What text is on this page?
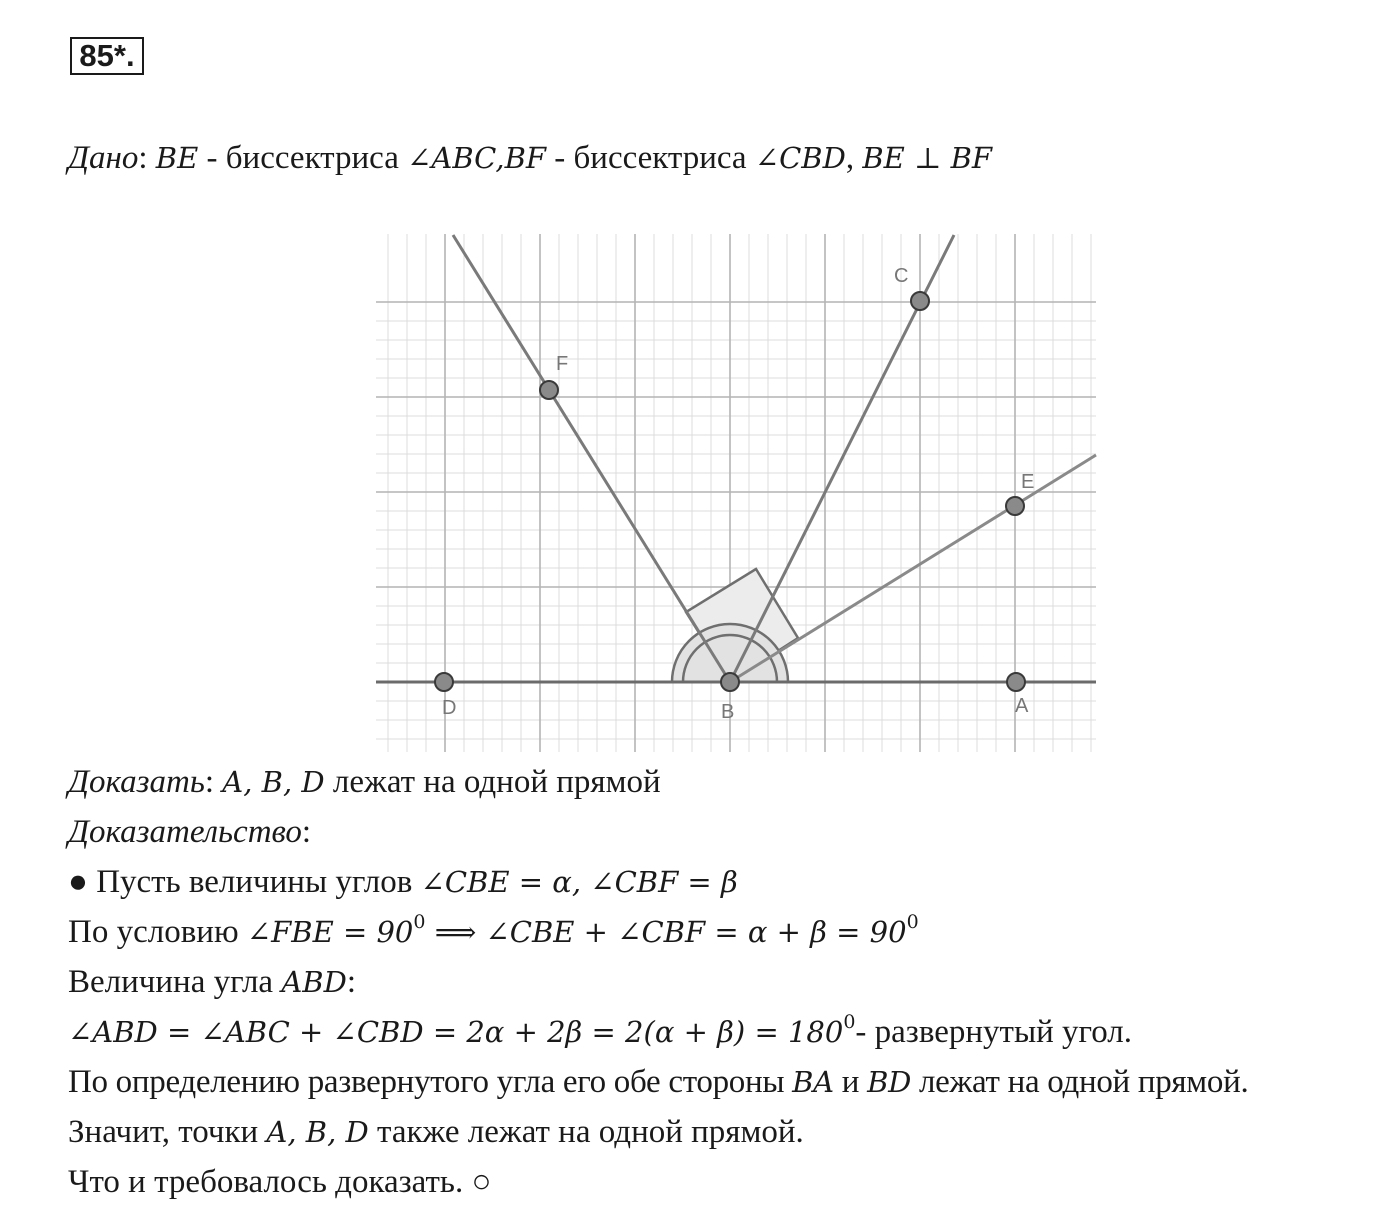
85*.
Дано: BE - биссектриса ∠ABC,BF - биссектриса ∠CBD, BE ⊥ BF
D	B	A
F
C
E
Доказать: A, B, D лежат на одной прямой
Доказательство:
● Пусть величины углов ∠CBE = α, ∠CBF = β
По условию ∠FBE = $90^0$ ⟹ ∠CBE + ∠CBF = $\alpha + \beta = 90^0$
Величина угла ABD:
∠ABD = ∠ABC + ∠CBD = $2\alpha + 2\beta = 2(\alpha + \beta) = 180^0-$ развернутый угол.
По определению развернутого угла его обе стороны BA и BD лежат на одной прямой.
Значит, точки A, B, D также лежат на одной прямой.
Что и требовалось доказать. ○
